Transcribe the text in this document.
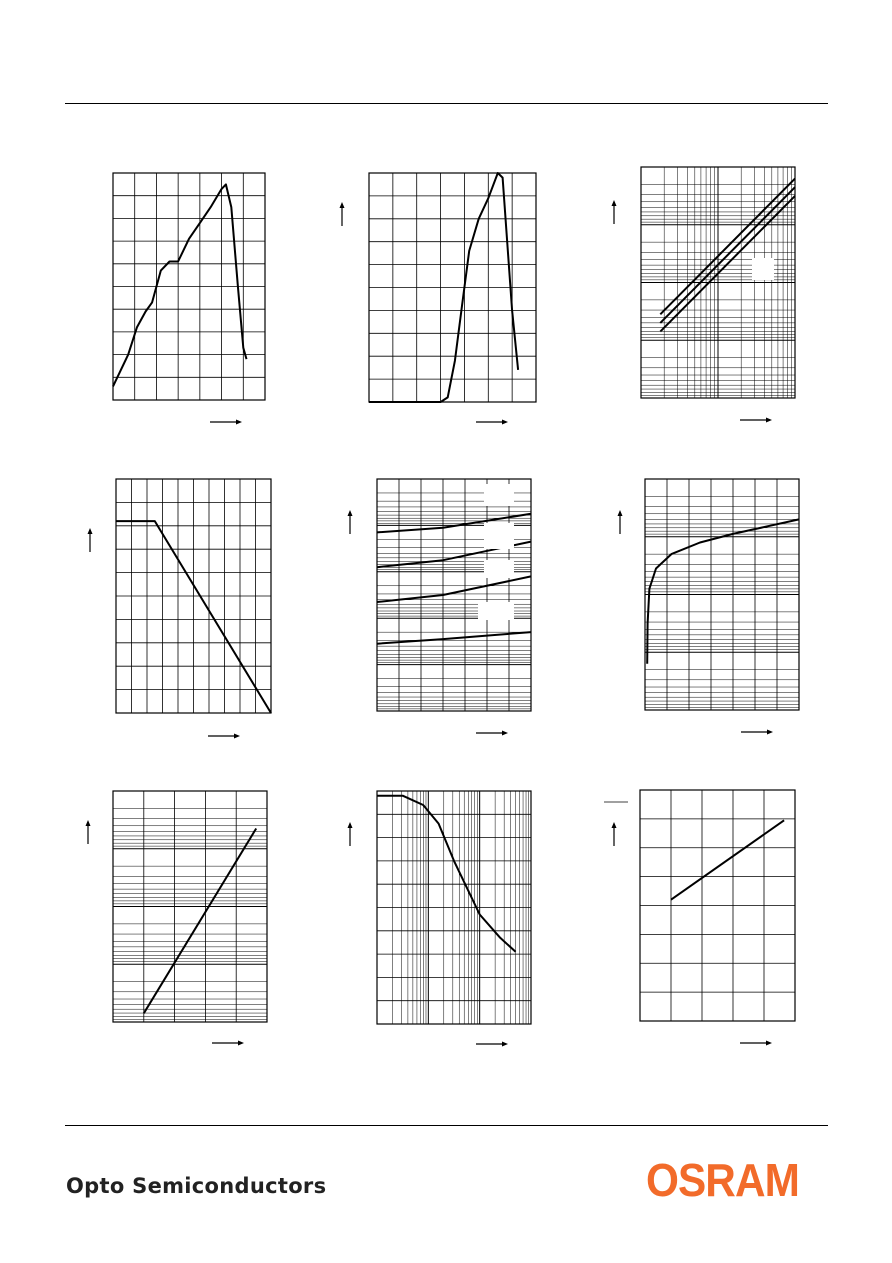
Opto Semiconductors	OSRAM
